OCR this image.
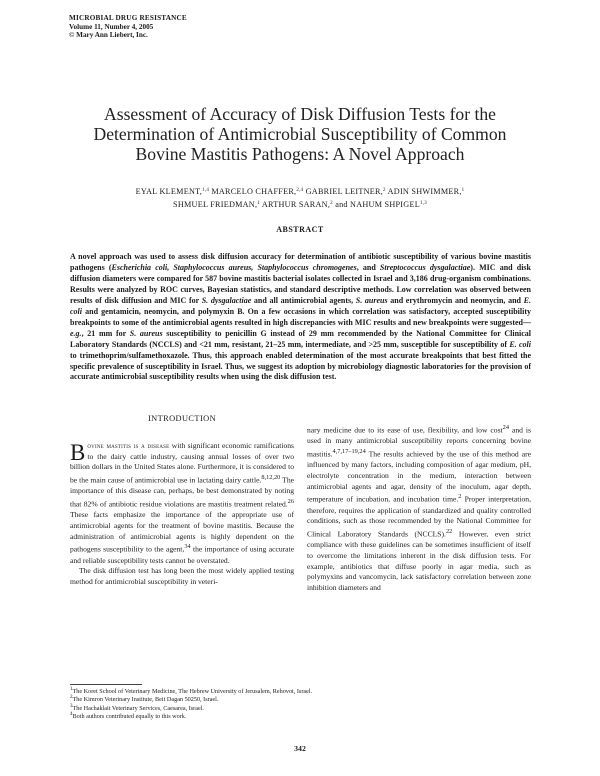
MICROBIAL DRUG RESISTANCE
Volume 11, Number 4, 2005
© Mary Ann Liebert, Inc.
Assessment of Accuracy of Disk Diffusion Tests for the
Determination of Antimicrobial Susceptibility of Common
Bovine Mastitis Pathogens: A Novel Approach
EYAL KLEMENT,$^{1,4}$ MARCELO CHAFFER,$^{2,4}$ GABRIEL LEITNER,$^2$ ADIN SHWIMMER,$^1$
SHMUEL FRIEDMAN,$^1$ ARTHUR SARAN,$^2$ and NAHUM SHPIGEL$^{1,3}$
ABSTRACT

A novel approach was used to assess disk diffusion accuracy for determination of antibiotic susceptibility of various bovine mastitis pathogens (Escherichia coli, Staphylococcus aureus, Staphylococcus chromogenes, and Streptococcus dysgalactiae). MIC and disk diffusion diameters were compared for 587 bovine mastitis bacterial isolates collected in Israel and 3,186 drug-organism combinations. Results were analyzed by ROC curves, Bayesian statistics, and standard descriptive methods. Low correlation was observed between results of disk diffusion and MIC for S. dysgalactiae and all antimicrobial agents, S. aureus and erythromycin and neomycin, and E. coli and gentamicin, neomycin, and polymyxin B. On a few occasions in which correlation was satisfactory, accepted susceptibility breakpoints to some of the antimicrobial agents resulted in high discrepancies with MIC results and new breakpoints were suggested—e.g., 21 mm for S. aureus susceptibility to penicillin G instead of 29 mm recommended by the National Committee for Clinical Laboratory Standards (NCCLS) and <21 mm, resistant, 21–25 mm, intermediate, and >25 mm, susceptible for susceptibility of E. coli to trimethoprim/sulfamethoxazole. Thus, this approach enabled determination of the most accurate breakpoints that best fitted the specific prevalence of susceptibility in Israel. Thus, we suggest its adoption by microbiology diagnostic laboratories for the provision of accurate antimicrobial susceptibility results when using the disk diffusion test.

INTRODUCTION

Bovine mastitis is a disease with significant economic ramifications to the dairy cattle industry, causing annual losses of over two billion dollars in the United States alone. Furthermore, it is considered to be the main cause of antimicrobial use in lactating dairy cattle.$^{8,12,20}$ The importance of this disease can, perhaps, be best demonstrated by noting that 82% of antibiotic residue violations are mastitis treatment related.$^{26}$ These facts emphasize the importance of the appropriate use of antimicrobial agents for the treatment of bovine mastitis. Because the administration of antimicrobial agents is highly dependent on the pathogens susceptibility to the agent,$^{34}$ the importance of using accurate and reliable susceptibility tests cannot be overstated.

The disk diffusion test has long been the most widely applied testing method for antimicrobial susceptibility in veteri-

nary medicine due to its ease of use, flexibility, and low cost$^{24}$ and is used in many antimicrobial susceptibility reports concerning bovine mastitis.$^{4,7,17-19,24}$ The results achieved by the use of this method are influenced by many factors, including composition of agar medium, pH, electrolyte concentration in the medium, interaction between antimicrobial agents and agar, density of the inoculum, agar depth, temperature of incubation, and incubation time.$^2$ Proper interpretation, therefore, requires the application of standardized and quality controlled conditions, such as those recommended by the National Committee for Clinical Laboratory Standards (NCCLS).$^{22}$ However, even strict compliance with these guidelines can be sometimes insufficient of itself to overcome the limitations inherent in the disk diffusion tests. For example, antibiotics that diffuse poorly in agar media, such as polymyxins and vancomycin, lack satisfactory correlation between zone inhibition diameters and

$^1$The Koret School of Veterinary Medicine, The Hebrew University of Jerusalem, Rehovot, Israel.
$^2$The Kimron Veterinary Institute, Beit Dagan 50250, Israel.
$^3$The Hachaklait Veterinary Services, Caesarea, Israel.
$^4$Both authors contributed equally to this work.
342
